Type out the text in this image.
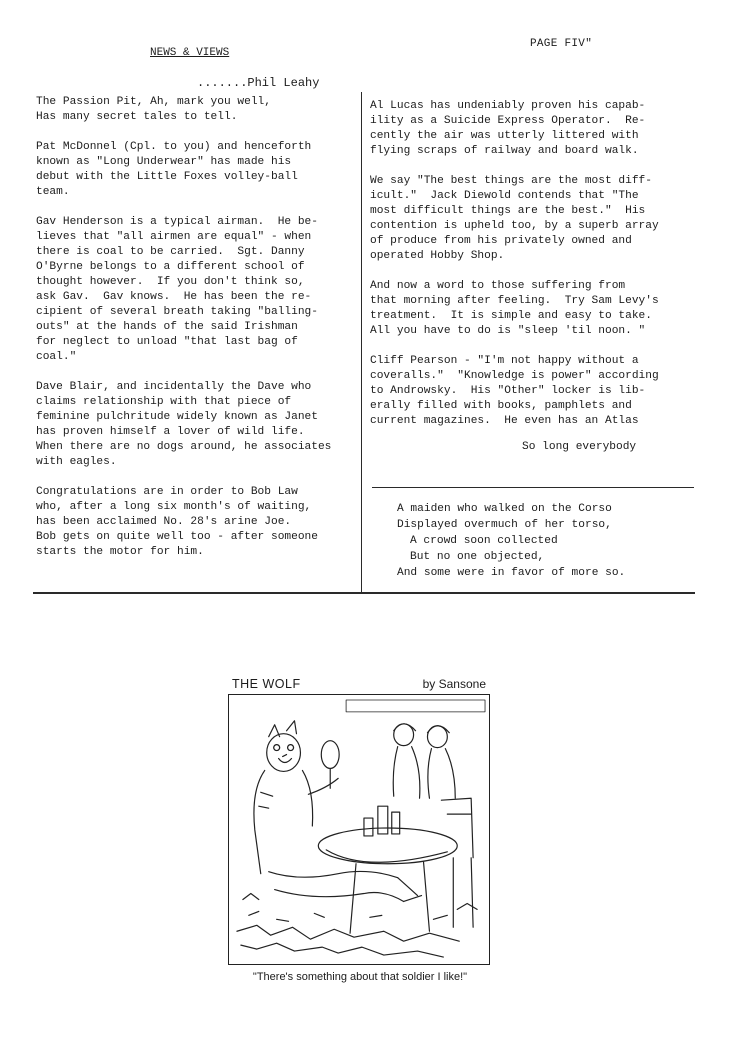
PAGE FIV"
NEWS & VIEWS
.......Phil Leahy

The Passion Pit, Ah, mark you well,
Has many secret tales to tell.

Pat McDonnel (Cpl. to you) and henceforth
known as "Long Underwear" has made his
debut with the Little Foxes volley-ball
team.

Gav Henderson is a typical airman.  He be-
lieves that "all airmen are equal" - when
there is coal to be carried.  Sgt. Danny
O'Byrne belongs to a different school of
thought however.  If you don't think so,
ask Gav.  Gav knows.  He has been the re-
cipient of several breath taking "balling-
outs" at the hands of the said Irishman
for neglect to unload "that last bag of
coal."

Dave Blair, and incidentally the Dave who
claims relationship with that piece of
feminine pulchritude widely known as Janet
has proven himself a lover of wild life.
When there are no dogs around, he associates
with eagles.

Congratulations are in order to Bob Law
who, after a long six month's of waiting,
has been acclaimed No. 28's arine Joe.
Bob gets on quite well too - after someone
starts the motor for him.

Al Lucas has undeniably proven his capab-
ility as a Suicide Express Operator.  Re-
cently the air was utterly littered with
flying scraps of railway and board walk.

We say "The best things are the most diff-
icult."  Jack Diewold contends that "The
most difficult things are the best."  His
contention is upheld too, by a superb array
of produce from his privately owned and
operated Hobby Shop.

And now a word to those suffering from
that morning after feeling.  Try Sam Levy's
treatment.  It is simple and easy to take.
All you have to do is "sleep 'til noon. "

Cliff Pearson - "I'm not happy without a
coveralls."  "Knowledge is power" according
to Androwsky.  His "Other" locker is lib-
erally filled with books, pamphlets and
current magazines.  He even has an Atlas

So long everybody
A maiden who walked on the Corso
Displayed overmuch of her torso,
A crowd soon collected
But no one objected,
And some were in favor of more so.
THE WOLF	by Sansone
"There's something about that soldier I like!"
